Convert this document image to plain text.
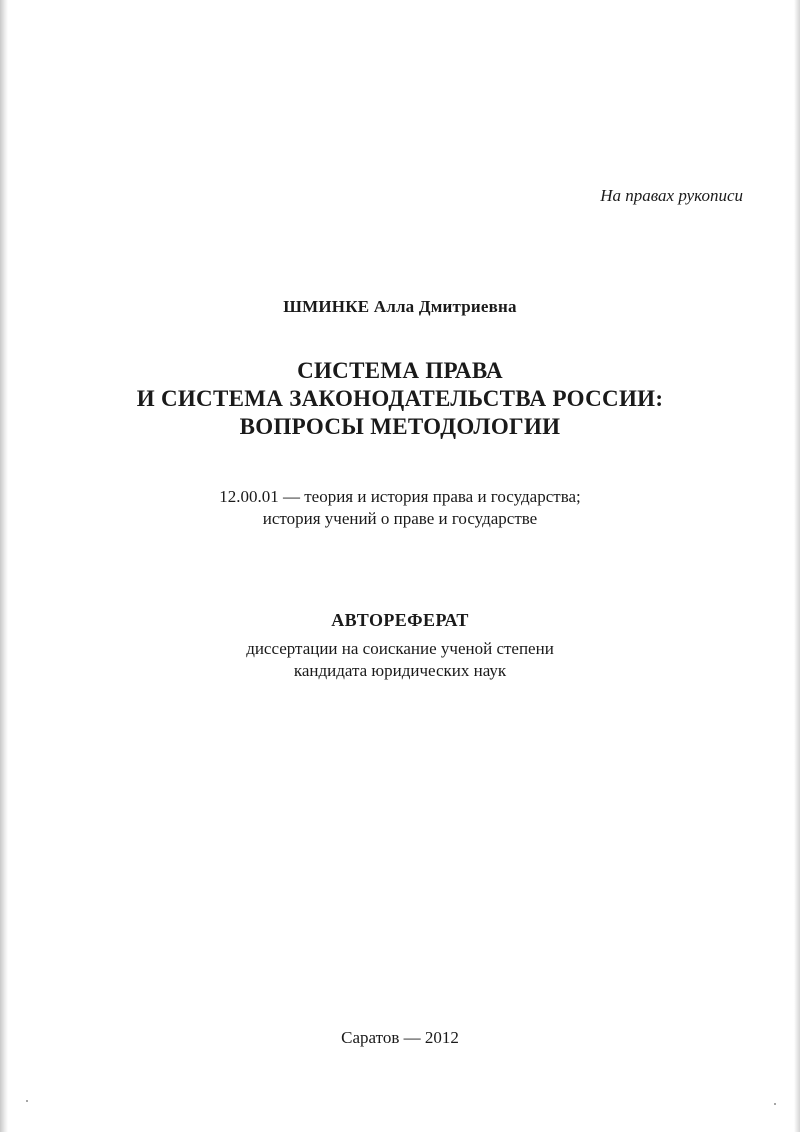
На правах рукописи
ШМИНКЕ Алла Дмитриевна
СИСТЕМА ПРАВА
И СИСТЕМА ЗАКОНОДАТЕЛЬСТВА РОССИИ:
ВОПРОСЫ МЕТОДОЛОГИИ
12.00.01 — теория и история права и государства;
история учений о праве и государстве
АВТОРЕФЕРАТ
диссертации на соискание ученой степени
кандидата юридических наук
Саратов — 2012
